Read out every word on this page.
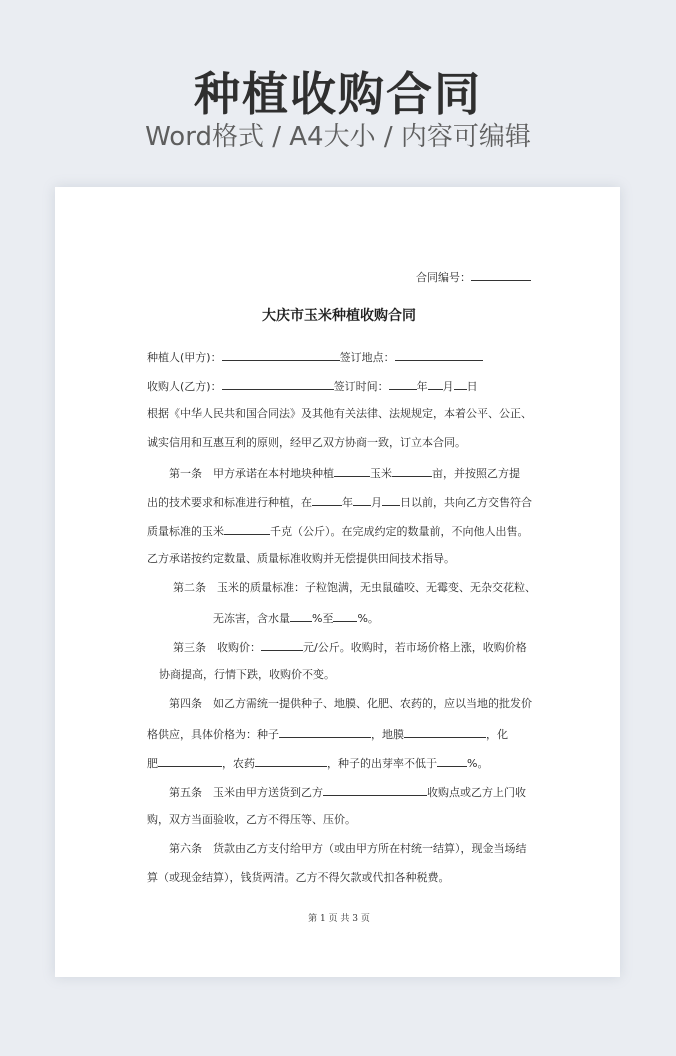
种植收购合同
Word格式 / A4大小 / 内容可编辑
合同编号：
大庆市玉米种植收购合同
种植人(甲方)：	签订地点：
收购人(乙方)：	签订时间：	年 月 日
根据《中华人民共和国合同法》及其他有关法律、法规规定，本着公平、公正、
诚实信用和互惠互利的原则，经甲乙双方协商一致，订立本合同。
第一条　甲方承诺在本村地块种植	玉米	亩，并按照乙方提
出的技术要求和标准进行种植，在	年 月 日以前，共向乙方交售符合
质量标准的玉米	千克（公斤）。在完成约定的数量前，不向他人出售。
乙方承诺按约定数量、质量标准收购并无偿提供田间技术指导。
第二条　玉米的质量标准：子粒饱满，无虫鼠磕咬、无霉变、无杂交花粒、
无冻害，含水量 %至 %。
第三条　收购价：	元/公斤。收购时，若市场价格上涨，收购价格
协商提高，行情下跌，收购价不变。
第四条　如乙方需统一提供种子、地膜、化肥、农药的，应以当地的批发价
格供应，具体价格为：种子	，地膜	，化
肥	，农药	，种子的出芽率不低于	%。
第五条　玉米由甲方送货到乙方	收购点或乙方上门收
购，双方当面验收，乙方不得压等、压价。
第六条　货款由乙方支付给甲方（或由甲方所在村统一结算），现金当场结
算（或现金结算），钱货两清。乙方不得欠款或代扣各种税费。
第 1 页 共 3 页
